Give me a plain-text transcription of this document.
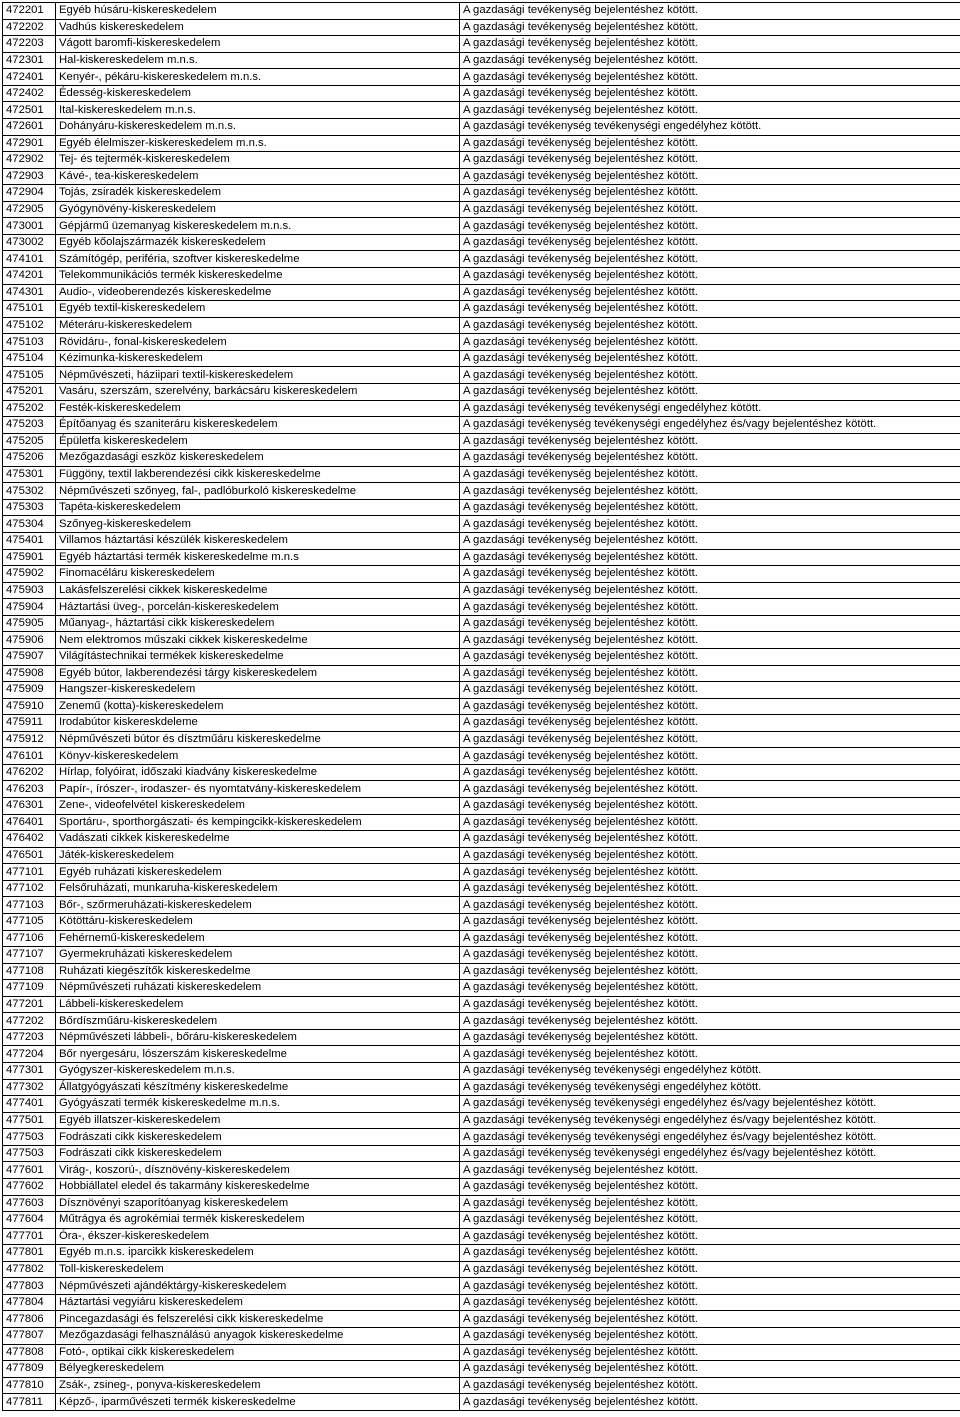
472201	Egyéb húsáru-kiskereskedelem	A gazdasági tevékenység bejelentéshez kötött.
472202	Vadhús kiskereskedelem	A gazdasági tevékenység bejelentéshez kötött.
472203	Vágott baromfi-kiskereskedelem	A gazdasági tevékenység bejelentéshez kötött.
472301	Hal-kiskereskedelem m.n.s.	A gazdasági tevékenység bejelentéshez kötött.
472401	Kenyér-, pékáru-kiskereskedelem m.n.s.	A gazdasági tevékenység bejelentéshez kötött.
472402	Édesség-kiskereskedelem	A gazdasági tevékenység bejelentéshez kötött.
472501	Ital-kiskereskedelem m.n.s.	A gazdasági tevékenység bejelentéshez kötött.
472601	Dohányáru-kiskereskedelem m.n.s.	A gazdasági tevékenység tevékenységi engedélyhez kötött.
472901	Egyéb élelmiszer-kiskereskedelem m.n.s.	A gazdasági tevékenység bejelentéshez kötött.
472902	Tej- és tejtermék-kiskereskedelem	A gazdasági tevékenység bejelentéshez kötött.
472903	Kávé-, tea-kiskereskedelem	A gazdasági tevékenység bejelentéshez kötött.
472904	Tojás, zsiradék kiskereskedelem	A gazdasági tevékenység bejelentéshez kötött.
472905	Gyógynövény-kiskereskedelem	A gazdasági tevékenység bejelentéshez kötött.
473001	Gépjármű üzemanyag kiskereskedelem m.n.s.	A gazdasági tevékenység bejelentéshez kötött.
473002	Egyéb kőolajszármazék kiskereskedelem	A gazdasági tevékenység bejelentéshez kötött.
474101	Számítógép, periféria, szoftver kiskereskedelme	A gazdasági tevékenység bejelentéshez kötött.
474201	Telekommunikációs termék kiskereskedelme	A gazdasági tevékenység bejelentéshez kötött.
474301	Audio-, videoberendezés kiskereskedelme	A gazdasági tevékenység bejelentéshez kötött.
475101	Egyéb textil-kiskereskedelem	A gazdasági tevékenység bejelentéshez kötött.
475102	Méteráru-kiskereskedelem	A gazdasági tevékenység bejelentéshez kötött.
475103	Rövidáru-, fonal-kiskereskedelem	A gazdasági tevékenység bejelentéshez kötött.
475104	Kézimunka-kiskereskedelem	A gazdasági tevékenység bejelentéshez kötött.
475105	Népművészeti, háziipari textil-kiskereskedelem	A gazdasági tevékenység bejelentéshez kötött.
475201	Vasáru, szerszám, szerelvény, barkácsáru kiskereskedelem	A gazdasági tevékenység bejelentéshez kötött.
475202	Festék-kiskereskedelem	A gazdasági tevékenység tevékenységi engedélyhez kötött.
475203	Építőanyag és szaniteráru kiskereskedelem	A gazdasági tevékenység tevékenységi engedélyhez és/vagy bejelentéshez kötött.
475205	Épületfa kiskereskedelem	A gazdasági tevékenység bejelentéshez kötött.
475206	Mezőgazdasági eszköz kiskereskedelem	A gazdasági tevékenység bejelentéshez kötött.
475301	Függöny, textil lakberendezési cikk kiskereskedelme	A gazdasági tevékenység bejelentéshez kötött.
475302	Népművészeti szőnyeg, fal-, padlóburkoló kiskereskedelme	A gazdasági tevékenység bejelentéshez kötött.
475303	Tapéta-kiskereskedelem	A gazdasági tevékenység bejelentéshez kötött.
475304	Szőnyeg-kiskereskedelem	A gazdasági tevékenység bejelentéshez kötött.
475401	Villamos háztartási készülék kiskereskedelem	A gazdasági tevékenység bejelentéshez kötött.
475901	Egyéb háztartási termék kiskereskedelme m.n.s	A gazdasági tevékenység bejelentéshez kötött.
475902	Finomacéláru kiskereskedelem	A gazdasági tevékenység bejelentéshez kötött.
475903	Lakásfelszerelési cikkek kiskereskedelme	A gazdasági tevékenység bejelentéshez kötött.
475904	Háztartási üveg-, porcelán-kiskereskedelem	A gazdasági tevékenység bejelentéshez kötött.
475905	Műanyag-, háztartási cikk kiskereskedelem	A gazdasági tevékenység bejelentéshez kötött.
475906	Nem elektromos műszaki cikkek kiskereskedelme	A gazdasági tevékenység bejelentéshez kötött.
475907	Világítástechnikai termékek kiskereskedelme	A gazdasági tevékenység bejelentéshez kötött.
475908	Egyéb bútor, lakberendezési tárgy kiskereskedelem	A gazdasági tevékenység bejelentéshez kötött.
475909	Hangszer-kiskereskedelem	A gazdasági tevékenység bejelentéshez kötött.
475910	Zenemű (kotta)-kiskereskedelem	A gazdasági tevékenység bejelentéshez kötött.
475911	Irodabútor kiskereskdeleme	A gazdasági tevékenység bejelentéshez kötött.
475912	Népművészeti bútor és dísztműáru kiskereskedelme	A gazdasági tevékenység bejelentéshez kötött.
476101	Könyv-kiskereskedelem	A gazdasági tevékenység bejelentéshez kötött.
476202	Hírlap, folyóirat, időszaki kiadvány kiskereskedelme	A gazdasági tevékenység bejelentéshez kötött.
476203	Papír-, írószer-, irodaszer- és nyomtatvány-kiskereskedelem	A gazdasági tevékenység bejelentéshez kötött.
476301	Zene-, videofelvétel kiskereskedelem	A gazdasági tevékenység bejelentéshez kötött.
476401	Sportáru-, sporthorgászati- és kempingcikk-kiskereskedelem	A gazdasági tevékenység bejelentéshez kötött.
476402	Vadászati cikkek kiskereskedelme	A gazdasági tevékenység bejelentéshez kötött.
476501	Játék-kiskereskedelem	A gazdasági tevékenység bejelentéshez kötött.
477101	Egyéb ruházati kiskereskedelem	A gazdasági tevékenység bejelentéshez kötött.
477102	Felsőruházati, munkaruha-kiskereskedelem	A gazdasági tevékenység bejelentéshez kötött.
477103	Bőr-, szőrmeruházati-kiskereskedelem	A gazdasági tevékenység bejelentéshez kötött.
477105	Kötöttáru-kiskereskedelem	A gazdasági tevékenység bejelentéshez kötött.
477106	Fehérnemű-kiskereskedelem	A gazdasági tevékenység bejelentéshez kötött.
477107	Gyermekruházati kiskereskedelem	A gazdasági tevékenység bejelentéshez kötött.
477108	Ruházati kiegészítők kiskereskedelme	A gazdasági tevékenység bejelentéshez kötött.
477109	Népművészeti ruházati kiskereskedelem	A gazdasági tevékenység bejelentéshez kötött.
477201	Lábbeli-kiskereskedelem	A gazdasági tevékenység bejelentéshez kötött.
477202	Bőrdíszműáru-kiskereskedelem	A gazdasági tevékenység bejelentéshez kötött.
477203	Népművészeti lábbeli-, bőráru-kiskereskedelem	A gazdasági tevékenység bejelentéshez kötött.
477204	Bőr nyergesáru, lószerszám kiskereskedelme	A gazdasági tevékenység bejelentéshez kötött.
477301	Gyógyszer-kiskereskedelem m.n.s.	A gazdasági tevékenység tevékenységi engedélyhez kötött.
477302	Állatgyógyászati készítmény kiskereskedelme	A gazdasági tevékenység tevékenységi engedélyhez kötött.
477401	Gyógyászati termék kiskereskedelme m.n.s.	A gazdasági tevékenység tevékenységi engedélyhez és/vagy bejelentéshez kötött.
477501	Egyéb illatszer-kiskereskedelem	A gazdasági tevékenység tevékenységi engedélyhez és/vagy bejelentéshez kötött.
477503	Fodrászati cikk kiskereskedelem	A gazdasági tevékenység tevékenységi engedélyhez és/vagy bejelentéshez kötött.
477503	Fodrászati cikk kiskereskedelem	A gazdasági tevékenység tevékenységi engedélyhez és/vagy bejelentéshez kötött.
477601	Virág-, koszorú-, dísznövény-kiskereskedelem	A gazdasági tevékenység bejelentéshez kötött.
477602	Hobbiállatel eledel és takarmány kiskereskedelme	A gazdasági tevékenység bejelentéshez kötött.
477603	Dísznövényi szaporítóanyag kiskereskedelem	A gazdasági tevékenység bejelentéshez kötött.
477604	Műtrágya és agrokémiai termék kiskereskedelem	A gazdasági tevékenység bejelentéshez kötött.
477701	Óra-, ékszer-kiskereskedelem	A gazdasági tevékenység bejelentéshez kötött.
477801	Egyéb m.n.s. iparcikk kiskereskedelem	A gazdasági tevékenység bejelentéshez kötött.
477802	Toll-kiskereskedelem	A gazdasági tevékenység bejelentéshez kötött.
477803	Népművészeti ajándéktárgy-kiskereskedelem	A gazdasági tevékenység bejelentéshez kötött.
477804	Háztartási vegyiáru kiskereskedelem	A gazdasági tevékenység bejelentéshez kötött.
477806	Pincegazdasági és felszerelési cikk kiskereskedelme	A gazdasági tevékenység bejelentéshez kötött.
477807	Mezőgazdasági felhasználású anyagok kiskereskedelme	A gazdasági tevékenység bejelentéshez kötött.
477808	Fotó-, optikai cikk kiskereskedelem	A gazdasági tevékenység bejelentéshez kötött.
477809	Bélyegkereskedelem	A gazdasági tevékenység bejelentéshez kötött.
477810	Zsák-, zsineg-, ponyva-kiskereskedelem	A gazdasági tevékenység bejelentéshez kötött.
477811	Képző-, iparművészeti termék kiskereskedelme	A gazdasági tevékenység bejelentéshez kötött.
